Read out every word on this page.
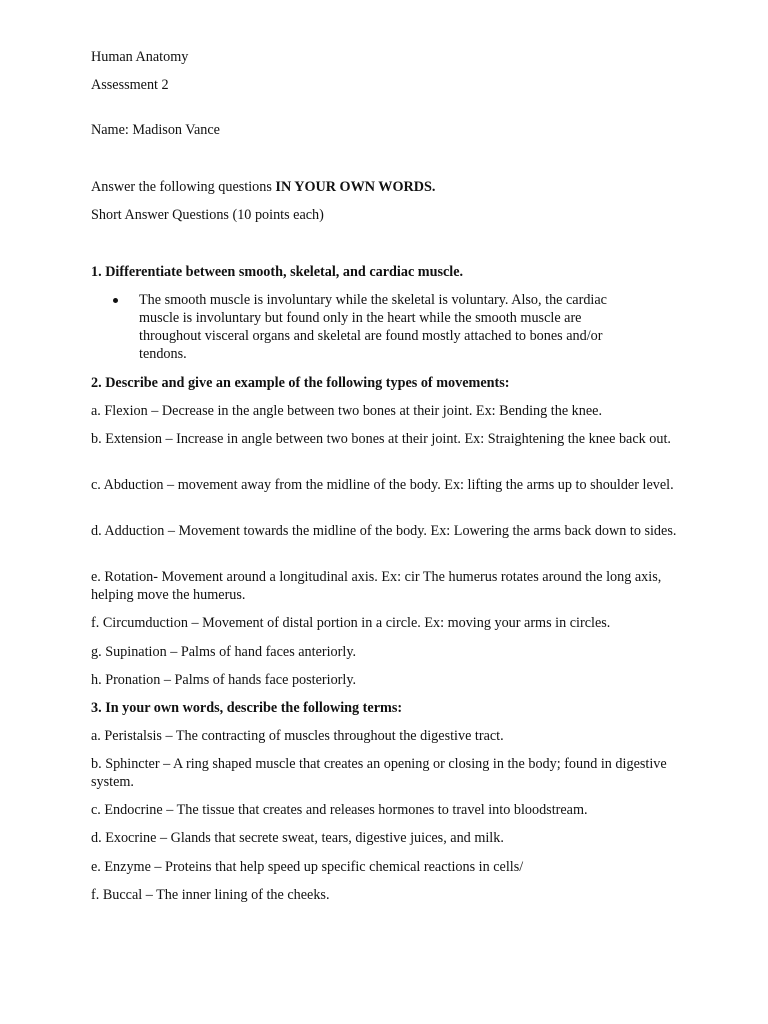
Human Anatomy
Assessment 2
Name: Madison Vance
Answer the following questions IN YOUR OWN WORDS.
Short Answer Questions (10 points each)
1. Differentiate between smooth, skeletal, and cardiac muscle.
The smooth muscle is involuntary while the skeletal is voluntary. Also, the cardiac muscle is involuntary but found only in the heart while the smooth muscle are throughout visceral organs and skeletal are found mostly attached to bones and/or tendons.
2. Describe and give an example of the following types of movements:
a. Flexion – Decrease in the angle between two bones at their joint. Ex: Bending the knee.
b. Extension – Increase in angle between two bones at their joint. Ex: Straightening the knee back out.
c. Abduction – movement away from the midline of the body. Ex: lifting the arms up to shoulder level.
d. Adduction – Movement towards the midline of the body. Ex: Lowering the arms back down to sides.
e. Rotation- Movement around a longitudinal axis. Ex: cir The humerus rotates around the long axis, helping move the humerus.
f. Circumduction – Movement of distal portion in a circle. Ex: moving your arms in circles.
g. Supination – Palms of hand faces anteriorly.
h. Pronation – Palms of hands face posteriorly.
3. In your own words, describe the following terms:
a. Peristalsis – The contracting of muscles throughout the digestive tract.
b. Sphincter – A ring shaped muscle that creates an opening or closing in the body; found in digestive system.
c. Endocrine – The tissue that creates and releases hormones to travel into bloodstream.
d. Exocrine – Glands that secrete sweat, tears, digestive juices, and milk.
e. Enzyme – Proteins that help speed up specific chemical reactions in cells/
f. Buccal – The inner lining of the cheeks.
